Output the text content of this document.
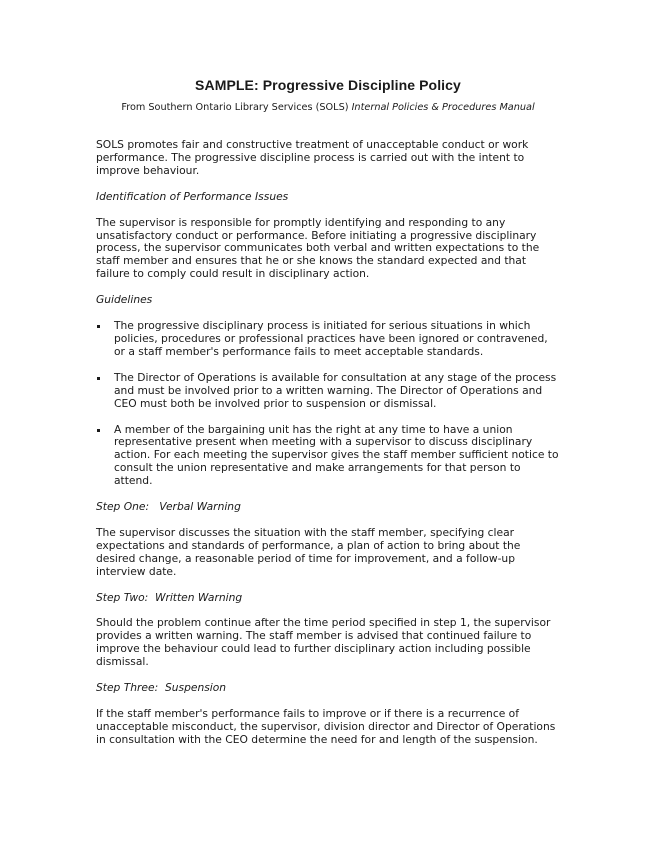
SAMPLE: Progressive Discipline Policy
From Southern Ontario Library Services (SOLS) Internal Policies & Procedures Manual

SOLS promotes fair and constructive treatment of unacceptable conduct or work performance. The progressive discipline process is carried out with the intent to improve behaviour.

Identification of Performance Issues

The supervisor is responsible for promptly identifying and responding to any unsatisfactory conduct or performance. Before initiating a progressive disciplinary process, the supervisor communicates both verbal and written expectations to the staff member and ensures that he or she knows the standard expected and that failure to comply could result in disciplinary action.

Guidelines

The progressive disciplinary process is initiated for serious situations in which policies, procedures or professional practices have been ignored or contravened, or a staff member's performance fails to meet acceptable standards.

The Director of Operations is available for consultation at any stage of the process and must be involved prior to a written warning. The Director of Operations and CEO must both be involved prior to suspension or dismissal.

A member of the bargaining unit has the right at any time to have a union representative present when meeting with a supervisor to discuss disciplinary action. For each meeting the supervisor gives the staff member sufficient notice to consult the union representative and make arrangements for that person to attend.

Step One:   Verbal Warning

The supervisor discusses the situation with the staff member, specifying clear expectations and standards of performance, a plan of action to bring about the desired change, a reasonable period of time for improvement, and a follow-up interview date.

Step Two:  Written Warning

Should the problem continue after the time period specified in step 1, the supervisor provides a written warning. The staff member is advised that continued failure to improve the behaviour could lead to further disciplinary action including possible dismissal.

Step Three:  Suspension

If the staff member's performance fails to improve or if there is a recurrence of unacceptable misconduct, the supervisor, division director and Director of Operations in consultation with the CEO determine the need for and length of the suspension.
